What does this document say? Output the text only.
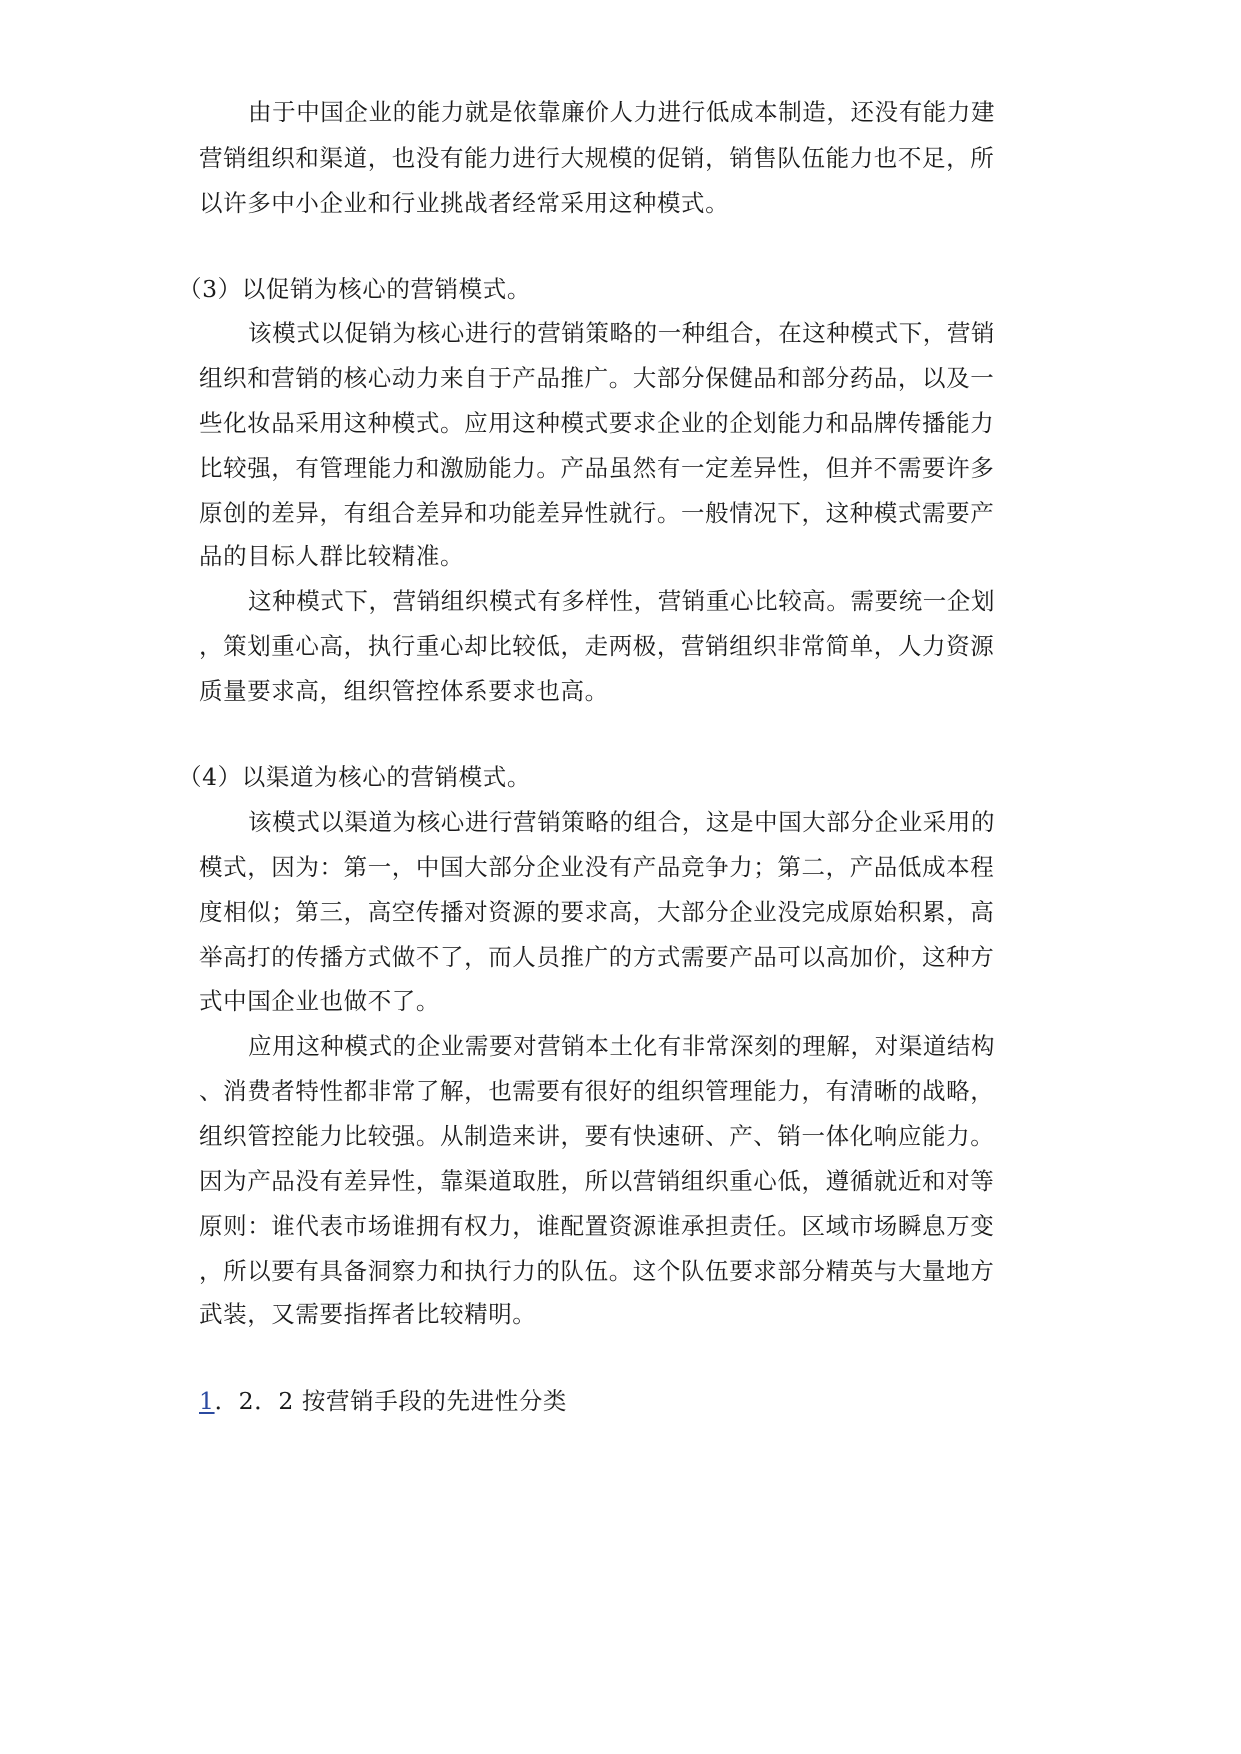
由于中国企业的能力就是依靠廉价人力进行低成本制造，还没有能力建
营销组织和渠道，也没有能力进行大规模的促销，销售队伍能力也不足，所
以许多中小企业和行业挑战者经常采用这种模式。
（3）以促销为核心的营销模式。
该模式以促销为核心进行的营销策略的一种组合，在这种模式下，营销
组织和营销的核心动力来自于产品推广。大部分保健品和部分药品，以及一
些化妆品采用这种模式。应用这种模式要求企业的企划能力和品牌传播能力
比较强，有管理能力和激励能力。产品虽然有一定差异性，但并不需要许多
原创的差异，有组合差异和功能差异性就行。一般情况下，这种模式需要产
品的目标人群比较精准。
这种模式下，营销组织模式有多样性，营销重心比较高。需要统一企划
，策划重心高，执行重心却比较低，走两极，营销组织非常简单，人力资源
质量要求高，组织管控体系要求也高。
（4）以渠道为核心的营销模式。
该模式以渠道为核心进行营销策略的组合，这是中国大部分企业采用的
模式，因为：第一，中国大部分企业没有产品竞争力；第二，产品低成本程
度相似；第三，高空传播对资源的要求高，大部分企业没完成原始积累，高
举高打的传播方式做不了，而人员推广的方式需要产品可以高加价，这种方
式中国企业也做不了。
应用这种模式的企业需要对营销本土化有非常深刻的理解，对渠道结构
、消费者特性都非常了解，也需要有很好的组织管理能力，有清晰的战略，
组织管控能力比较强。从制造来讲，要有快速研、产、销一体化响应能力。
因为产品没有差异性，靠渠道取胜，所以营销组织重心低，遵循就近和对等
原则：谁代表市场谁拥有权力，谁配置资源谁承担责任。区域市场瞬息万变
，所以要有具备洞察力和执行力的队伍。这个队伍要求部分精英与大量地方
武装，又需要指挥者比较精明。
1．2．2 按营销手段的先进性分类
